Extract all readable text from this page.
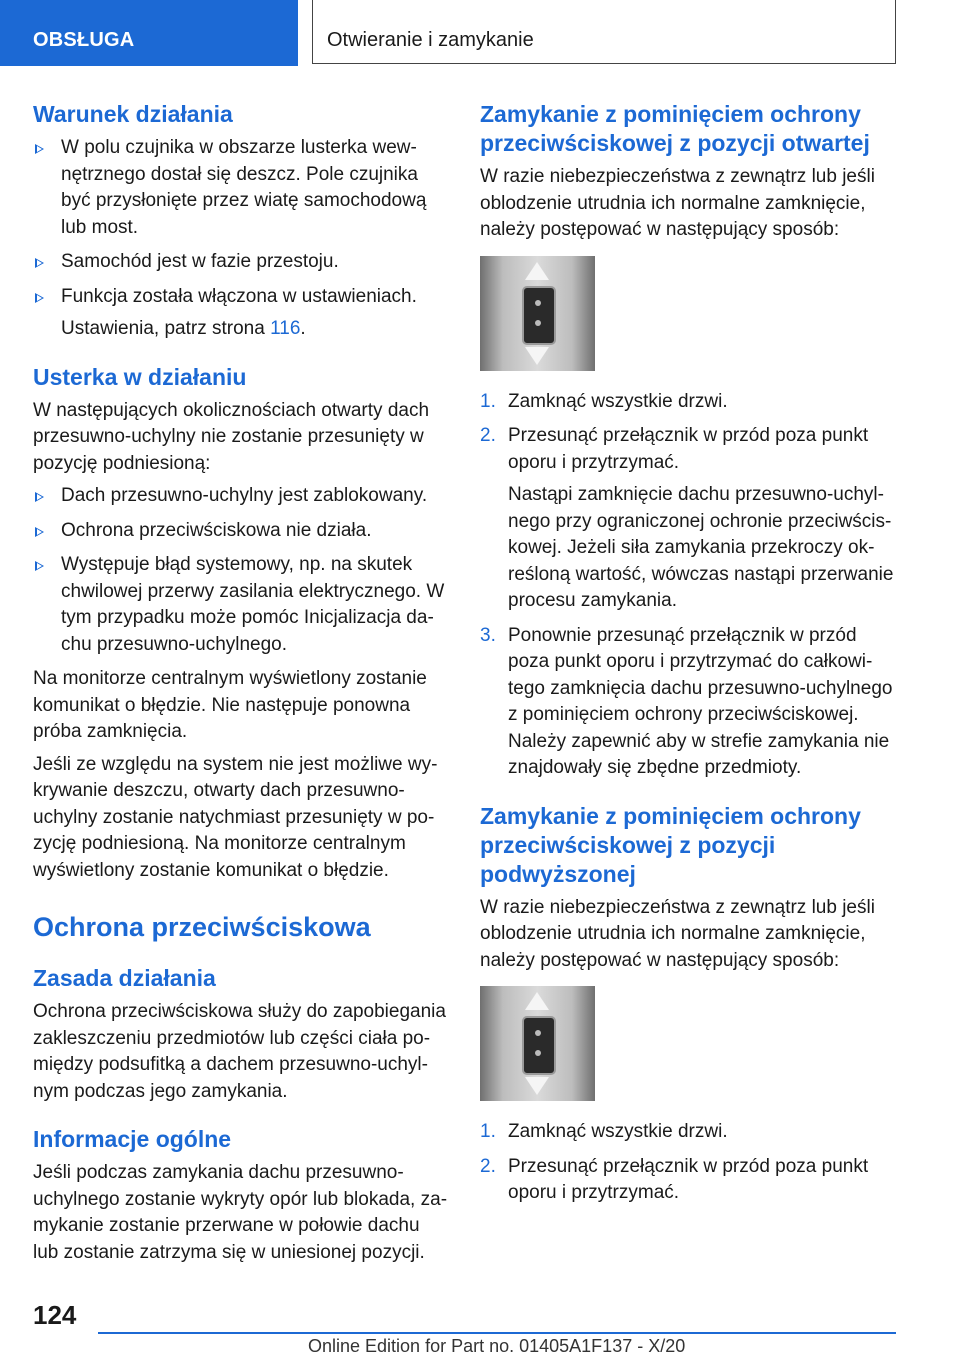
OBSŁUGA	Otwieranie i zamykanie
Warunek działania
W polu czujnika w obszarze lusterka wewnętrznego dostał się deszcz. Pole czujnika być przysłonięte przez wiatę samochodową lub most.
Samochód jest w fazie przestoju.
Funkcja została włączona w ustawieniach.

Ustawienia, patrz strona 116.

Usterka w działaniu

W następujących okolicznościach otwarty dach przesuwno-uchylny nie zostanie przesunięty w pozycję podniesioną:

Dach przesuwno-uchylny jest zablokowany.
Ochrona przeciwściskowa nie działa.
Występuje błąd systemowy, np. na skutek chwilowej przerwy zasilania elektrycznego. W tym przypadku może pomóc Inicjalizacja dachu przesuwno-uchylnego.

Na monitorze centralnym wyświetlony zostanie komunikat o błędzie. Nie następuje ponowna próba zamknięcia.

Jeśli ze względu na system nie jest możliwe wykrywanie deszczu, otwarty dach przesuwno-uchylny zostanie natychmiast przesunięty w pozycję podniesioną. Na monitorze centralnym wyświetlony zostanie komunikat o błędzie.

Ochrona przeciwściskowa
Zasada działania

Ochrona przeciwściskowa służy do zapobiegania zakleszczeniu przedmiotów lub części ciała pomiędzy podsufitką a dachem przesuwno-uchylnym podczas jego zamykania.

Informacje ogólne

Jeśli podczas zamykania dachu przesuwno-uchylnego zostanie wykryty opór lub blokada, zamykanie zostanie przerwane w połowie dachu lub zostanie zatrzyma się w uniesionej pozycji.

Zamykanie z pominięciem ochrony przeciwściskowej z pozycji otwartej

W razie niebezpieczeństwa z zewnątrz lub jeśli oblodzenie utrudnia ich normalne zamknięcie, należy postępować w następujący sposób:

1. Zamknąć wszystkie drzwi.
2. Przesunąć przełącznik w przód poza punkt oporu i przytrzymać.
Nastąpi zamknięcie dachu przesuwno-uchylnego przy ograniczonej ochronie przeciwściskowej. Jeżeli siła zamykania przekroczy określoną wartość, wówczas nastąpi przerwanie procesu zamykania.
3. Ponownie przesunąć przełącznik w przód poza punkt oporu i przytrzymać do całkowitego zamknięcia dachu przesuwno-uchylnego z pominięciem ochrony przeciwściskowej. Należy zapewnić aby w strefie zamykania nie znajdowały się zbędne przedmioty.
Zamykanie z pominięciem ochrony przeciwściskowej z pozycji podwyższonej

W razie niebezpieczeństwa z zewnątrz lub jeśli oblodzenie utrudnia ich normalne zamknięcie, należy postępować w następujący sposób:

1. Zamknąć wszystkie drzwi.
2. Przesunąć przełącznik w przód poza punkt oporu i przytrzymać.
124
Online Edition for Part no. 01405A1F137 - X/20
